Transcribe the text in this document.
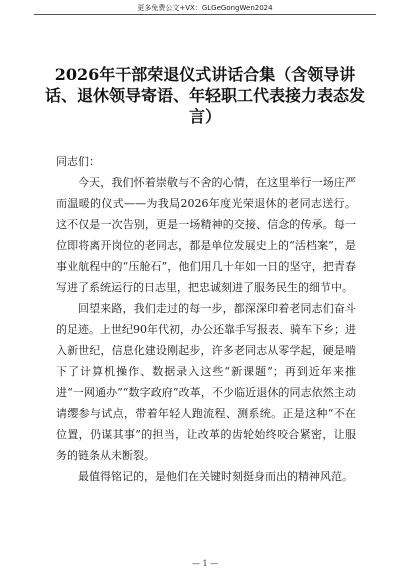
更多免费公文+VX：GLGeGongWen2024
2026年干部荣退仪式讲话合集（含领导讲话、退休领导寄语、年轻职工代表接力表态发言）

同志们：

今天，我们怀着崇敬与不舍的心情，在这里举行一场庄严而温暖的仪式——为我局2026年度光荣退休的老同志送行。这不仅是一次告别，更是一场精神的交接、信念的传承。每一位即将离开岗位的老同志，都是单位发展史上的“活档案”，是事业航程中的“压舱石”，他们用几十年如一日的坚守，把青春写进了系统运行的日志里，把忠诚刻进了服务民生的细节中。

回望来路，我们走过的每一步，都深深印着老同志们奋斗的足迹。上世纪90年代初，办公还靠手写报表、骑车下乡；进入新世纪，信息化建设刚起步，许多老同志从零学起，硬是啃下了计算机操作、数据录入这些“新课题”；再到近年来推进“一网通办”“数字政府”改革，不少临近退休的同志依然主动请缨参与试点，带着年轻人跑流程、测系统。正是这种“不在位置，仍谋其事”的担当，让改革的齿轮始终咬合紧密，让服务的链条从未断裂。

最值得铭记的，是他们在关键时刻挺身而出的精神风范。

— 1 —
